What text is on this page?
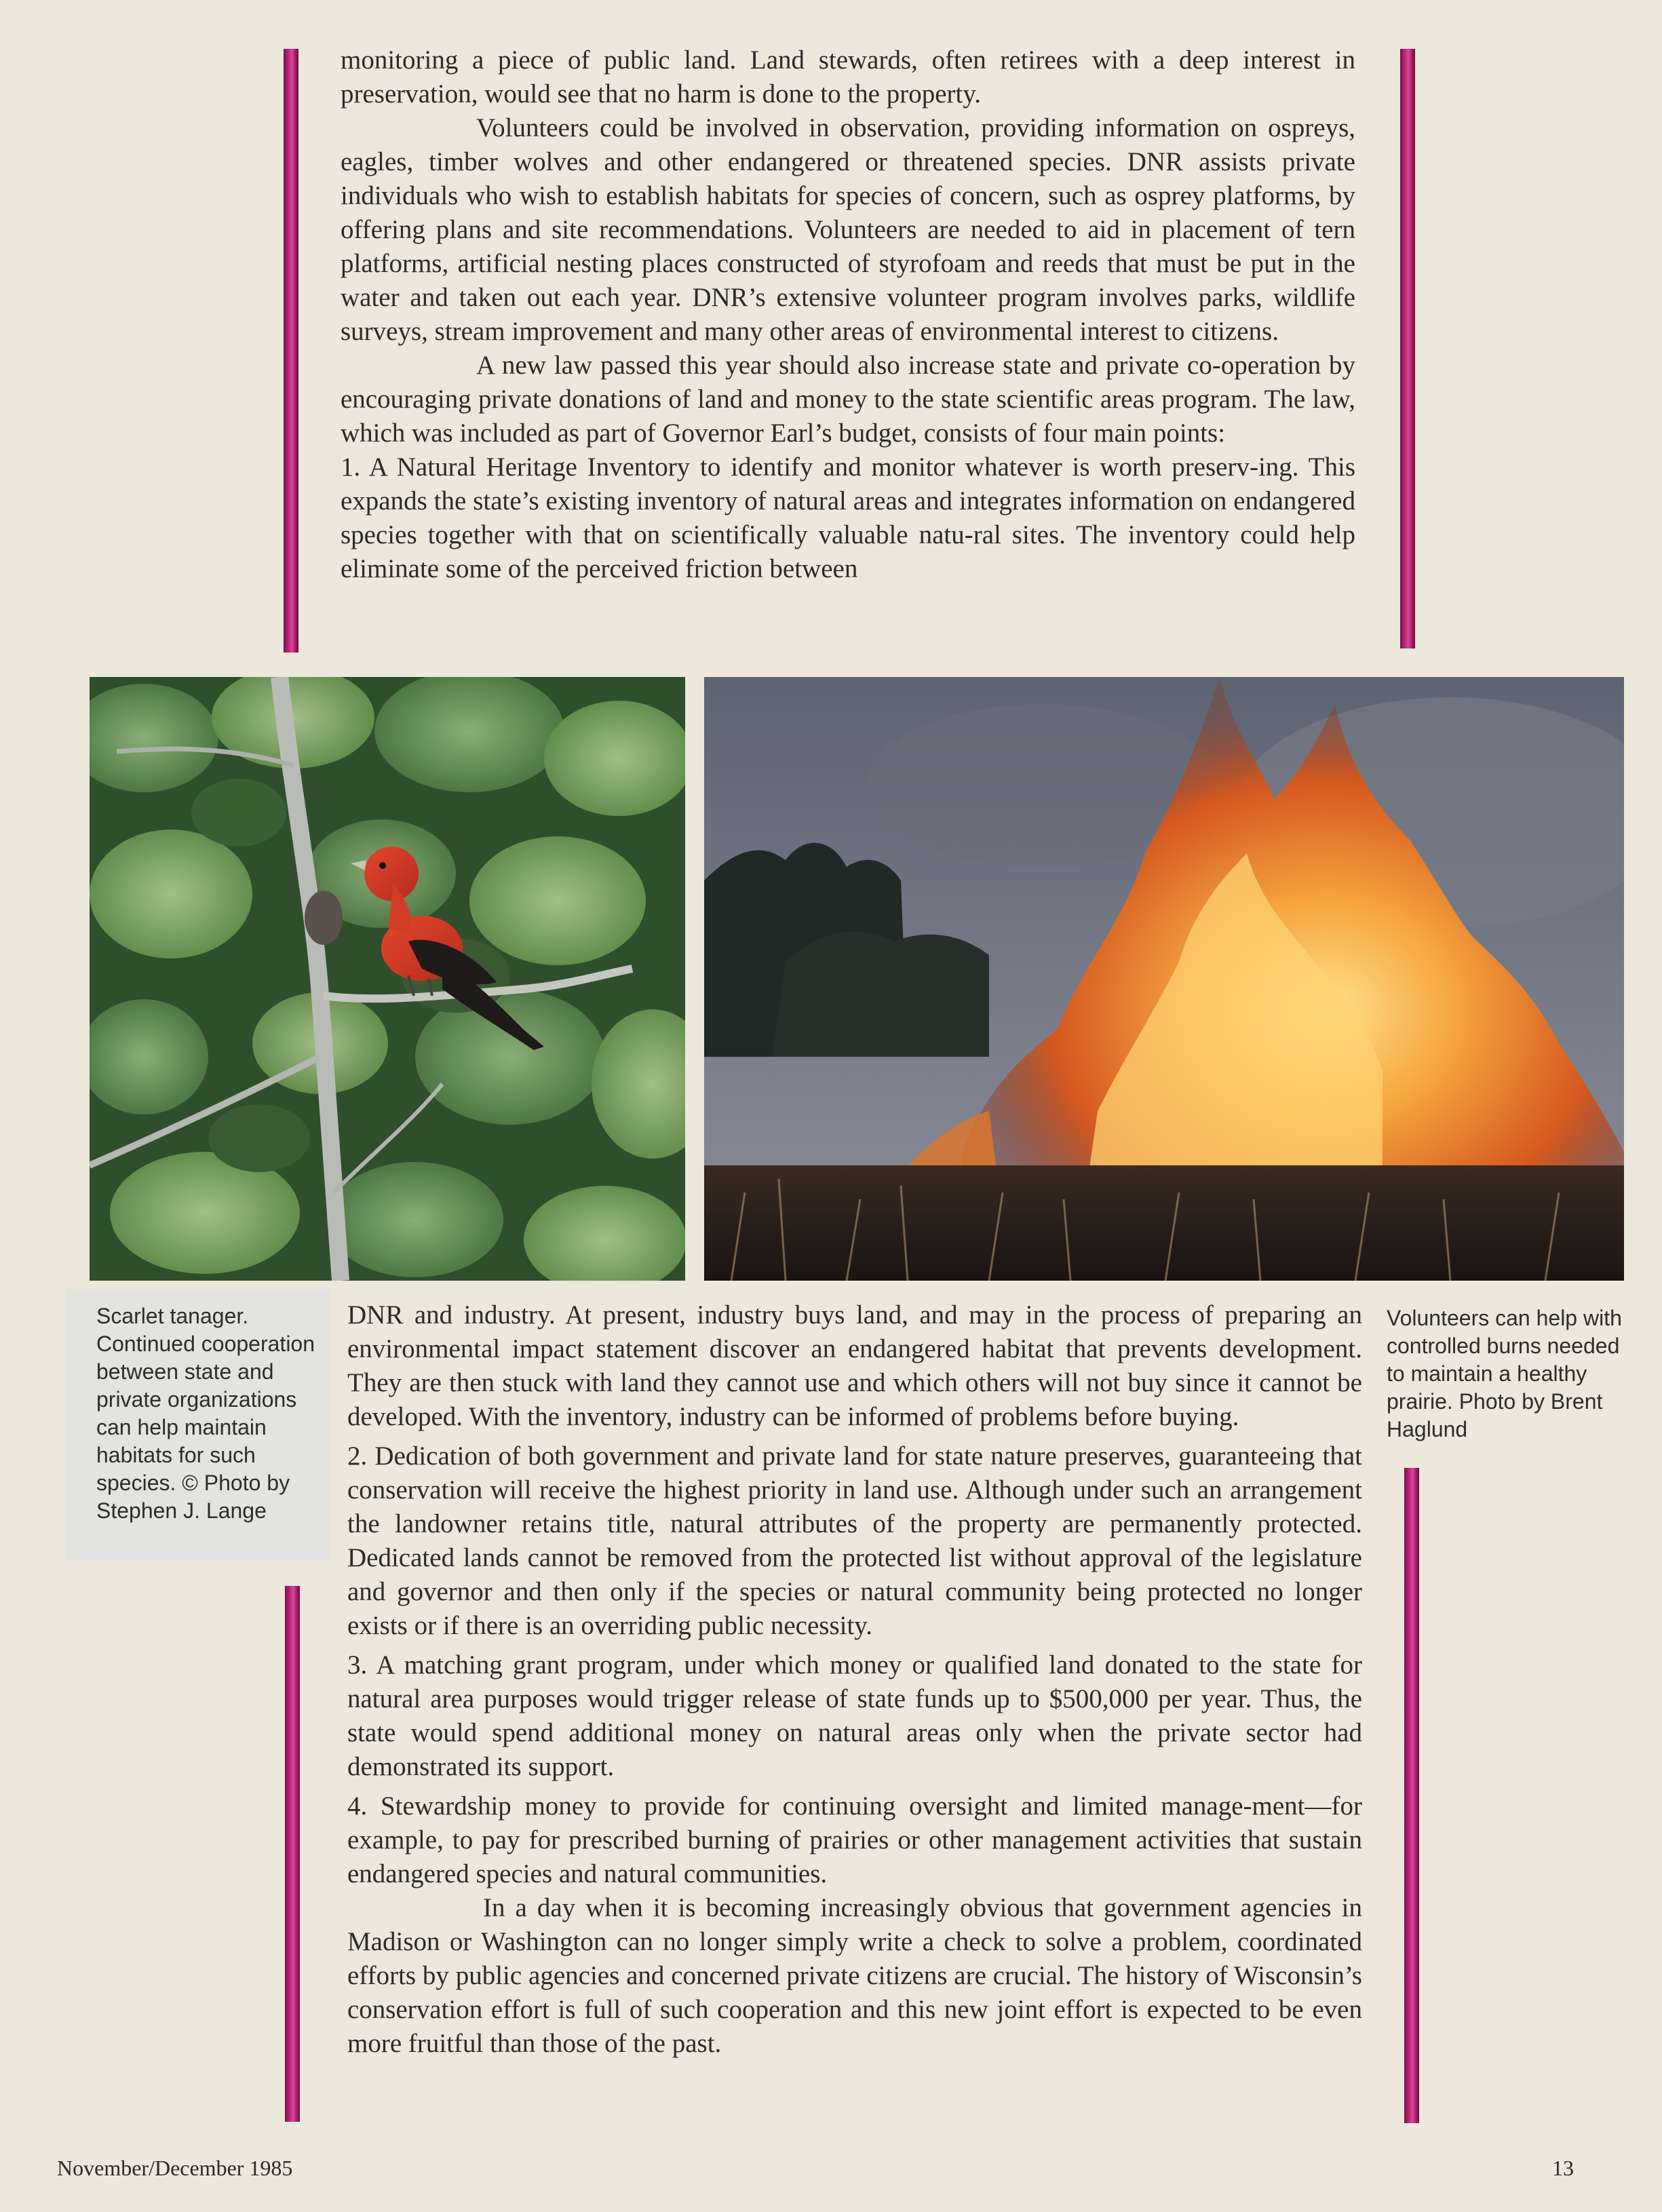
monitoring a piece of public land. Land stewards, often retirees with a deep interest in preservation, would see that no harm is done to the property.

Volunteers could be involved in observation, providing information on ospreys, eagles, timber wolves and other endangered or threatened species. DNR assists private individuals who wish to establish habitats for species of concern, such as osprey platforms, by offering plans and site recommendations. Volunteers are needed to aid in placement of tern platforms, artificial nesting places constructed of styrofoam and reeds that must be put in the water and taken out each year. DNR’s extensive volunteer program involves parks, wildlife surveys, stream improvement and many other areas of environmental interest to citizens.

A new law passed this year should also increase state and private co-operation by encouraging private donations of land and money to the state scientific areas program. The law, which was included as part of Governor Earl’s budget, consists of four main points:

1. A Natural Heritage Inventory to identify and monitor whatever is worth preserv-ing. This expands the state’s existing inventory of natural areas and integrates information on endangered species together with that on scientifically valuable natu-ral sites. The inventory could help eliminate some of the perceived friction between

Scarlet tanager. Continued cooperation between state and private organizations can help maintain habitats for such species. © Photo by Stephen J. Lange
Volunteers can help with controlled burns needed to maintain a healthy prairie. Photo by Brent Haglund

DNR and industry. At present, industry buys land, and may in the process of preparing an environmental impact statement discover an endangered habitat that prevents development. They are then stuck with land they cannot use and which others will not buy since it cannot be developed. With the inventory, industry can be informed of problems before buying.

2. Dedication of both government and private land for state nature preserves, guaranteeing that conservation will receive the highest priority in land use. Although under such an arrangement the landowner retains title, natural attributes of the property are permanently protected. Dedicated lands cannot be removed from the protected list without approval of the legislature and governor and then only if the species or natural community being protected no longer exists or if there is an overriding public necessity.

3. A matching grant program, under which money or qualified land donated to the state for natural area purposes would trigger release of state funds up to $500,000 per year. Thus, the state would spend additional money on natural areas only when the private sector had demonstrated its support.

4. Stewardship money to provide for continuing oversight and limited manage-ment—for example, to pay for prescribed burning of prairies or other management activities that sustain endangered species and natural communities.

In a day when it is becoming increasingly obvious that government agencies in Madison or Washington can no longer simply write a check to solve a problem, coordinated efforts by public agencies and concerned private citizens are crucial. The history of Wisconsin’s conservation effort is full of such cooperation and this new joint effort is expected to be even more fruitful than those of the past.

November/December 1985	13
